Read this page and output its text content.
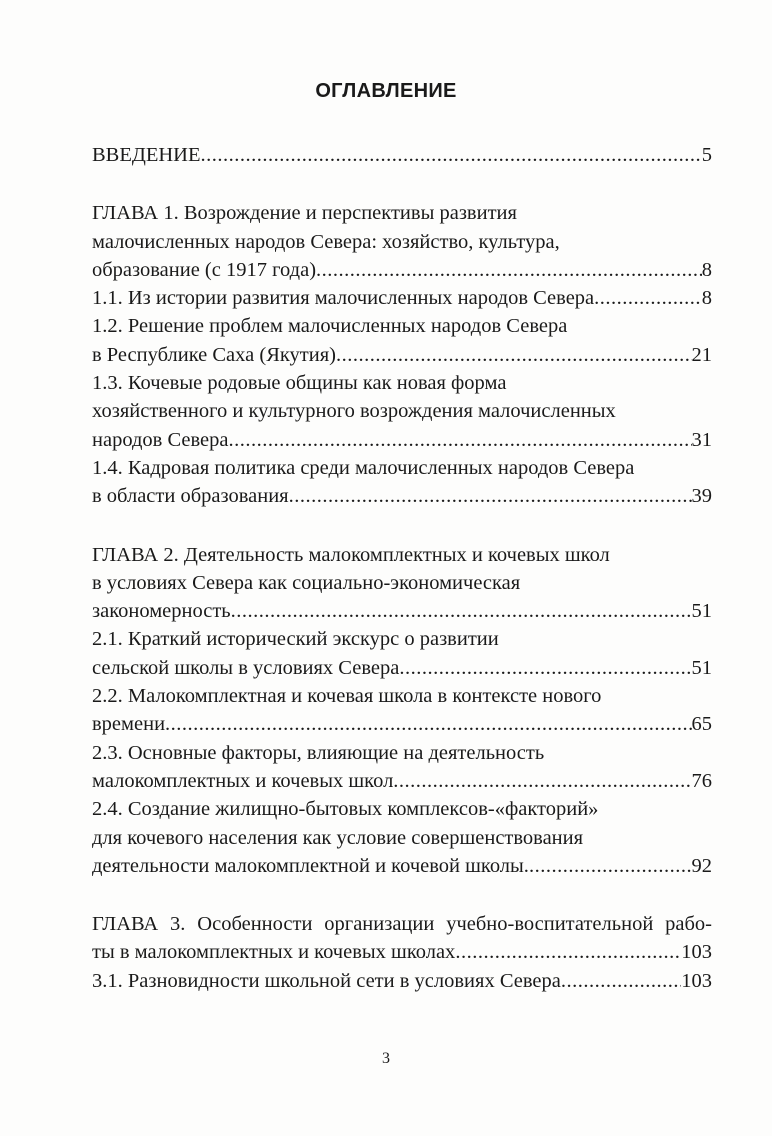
ОГЛАВЛЕНИЕ
ВВЕДЕНИЕ .....	5
ГЛАВА 1. Возрождение и перспективы развития
малочисленных народов Севера: хозяйство, культура,
образование (с 1917 года) .....	8
1.1. Из истории развития малочисленных народов Севера .....	8
1.2. Решение проблем малочисленных народов Севера
в Республике Саха (Якутия) .....	21
1.3. Кочевые родовые общины как новая форма
хозяйственного и культурного возрождения малочисленных
народов Севера .....	31
1.4. Кадровая политика среди малочисленных народов Севера
в области образования .....	39
ГЛАВА 2. Деятельность малокомплектных и кочевых школ
в условиях Севера как социально-экономическая
закономерность .....	51
2.1. Краткий исторический экскурс о развитии
сельской школы в условиях Севера .....	51
2.2. Малокомплектная и кочевая школа в контексте нового
времени .....	65
2.3. Основные факторы, влияющие на деятельность
малокомплектных и кочевых школ .....	76
2.4. Создание жилищно-бытовых комплексов-«факторий»
для кочевого населения как условие совершенствования
деятельности малокомплектной и кочевой школы. .....	92
ГЛАВА 3. Особенности организации учебно-воспитательной рабо-
ты в малокомплектных и кочевых школах .....	103
3.1. Разновидности школьной сети в условиях Севера .....	103
3
